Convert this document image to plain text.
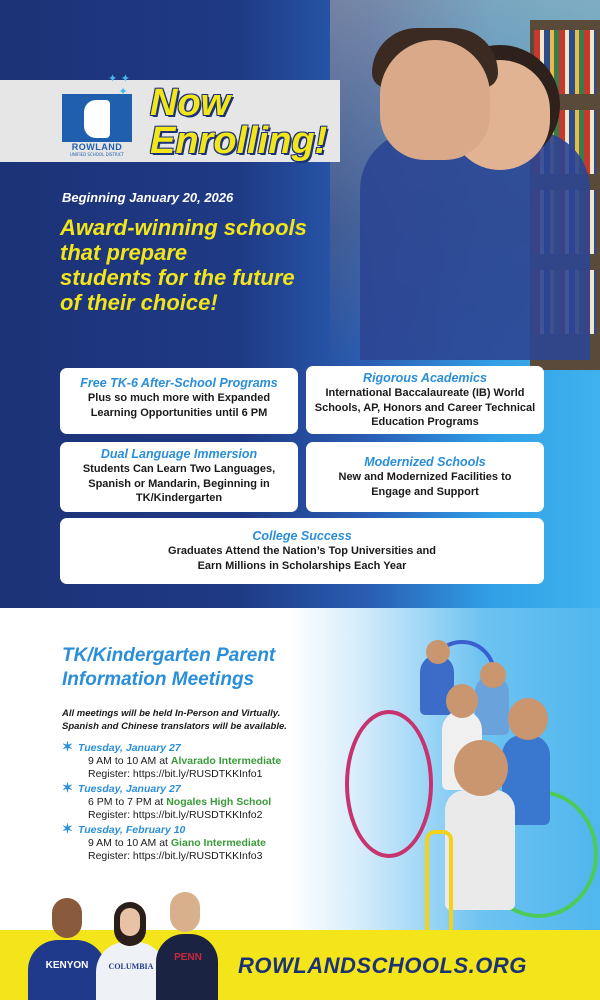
ROWLAND
UNIFIED SCHOOL DISTRICT
✦ ✦
✦ Now
Enrolling!
Beginning January 20, 2026
Award-winning schools
that prepare
students for the future
of their choice!
Free TK-6 After-School Programs
Plus so much more with Expanded
Learning Opportunities until 6 PM
Rigorous Academics
International Baccalaureate (IB) World
Schools, AP, Honors and Career Technical
Education Programs
Dual Language Immersion
Students Can Learn Two Languages,
Spanish or Mandarin, Beginning in
TK/Kindergarten
Modernized Schools
New and Modernized Facilities to
Engage and Support
College Success
Graduates Attend the Nation’s Top Universities and
Earn Millions in Scholarships Each Year
TK/Kindergarten Parent
Information Meetings
All meetings will be held In-Person and Virtually.
Spanish and Chinese translators will be available.
✶ Tuesday, January 27
9 AM to 10 AM at Alvarado Intermediate
Register: https://bit.ly/RUSDTKKInfo1
✶ Tuesday, January 27
6 PM to 7 PM at Nogales High School
Register: https://bit.ly/RUSDTKKInfo2
✶ Tuesday, February 10
9 AM to 10 AM at Giano Intermediate
Register: https://bit.ly/RUSDTKKInfo3
KENYON	COLUMBIA
PENN	ROWLANDSCHOOLS.ORG
